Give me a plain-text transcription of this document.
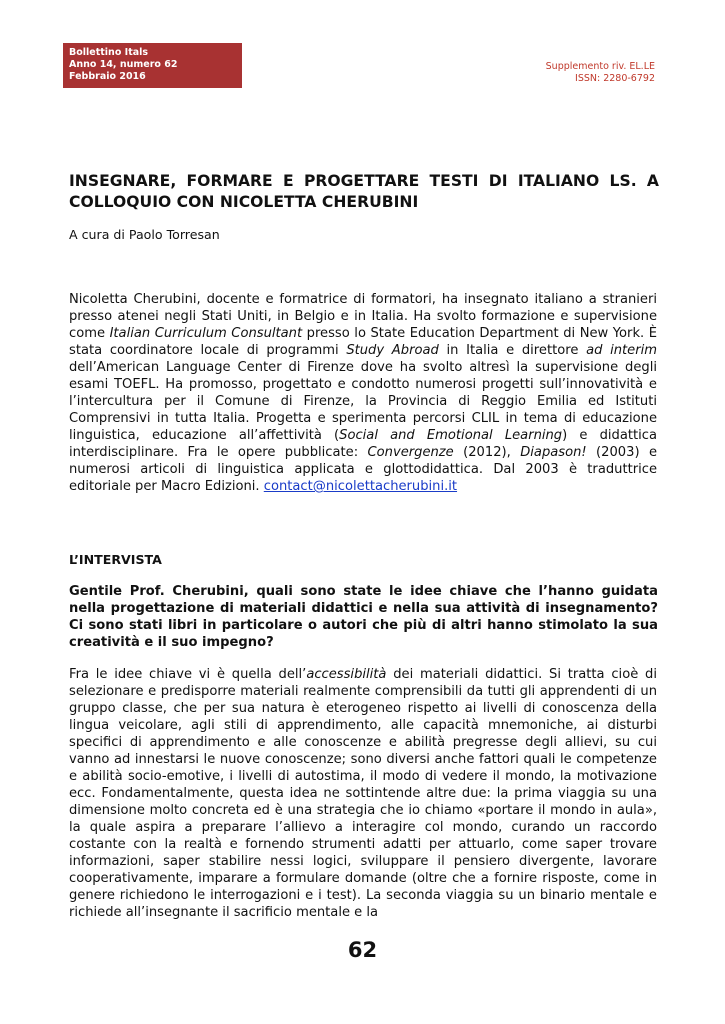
Bollettino Itals
Anno 14, numero 62
Febbraio 2016
Supplemento riv. EL.LE
ISSN: 2280-6792
INSEGNARE, FORMARE E PROGETTARE TESTI DI ITALIANO LS. A COLLOQUIO CON NICOLETTA CHERUBINI
A cura di Paolo Torresan

Nicoletta Cherubini, docente e formatrice di formatori, ha insegnato italiano a stranieri presso atenei negli Stati Uniti, in Belgio e in Italia. Ha svolto formazione e supervisione come Italian Curriculum Consultant presso lo State Education Department di New York. È stata coordinatore locale di programmi Study Abroad in Italia e direttore ad interim dell’American Language Center di Firenze dove ha svolto altresì la supervisione degli esami TOEFL. Ha promosso, progettato e condotto numerosi progetti sull’innovatività e l’intercultura per il Comune di Firenze, la Provincia di Reggio Emilia ed Istituti Comprensivi in tutta Italia. Progetta e sperimenta percorsi CLIL in tema di educazione linguistica, educazione all’affettività (Social and Emotional Learning) e didattica interdisciplinare. Fra le opere pubblicate: Convergenze (2012), Diapason! (2003) e numerosi articoli di linguistica applicata e glottodidattica. Dal 2003 è traduttrice editoriale per Macro Edizioni. contact@nicolettacherubini.it

L’INTERVISTA

Gentile Prof. Cherubini, quali sono state le idee chiave che l’hanno guidata nella progettazione di materiali didattici e nella sua attività di insegnamento? Ci sono stati libri in particolare o autori che più di altri hanno stimolato la sua creatività e il suo impegno?

Fra le idee chiave vi è quella dell’accessibilità dei materiali didattici. Si tratta cioè di selezionare e predisporre materiali realmente comprensibili da tutti gli apprendenti di un gruppo classe, che per sua natura è eterogeneo rispetto ai livelli di conoscenza della lingua veicolare, agli stili di apprendimento, alle capacità mnemoniche, ai disturbi specifici di apprendimento e alle conoscenze e abilità pregresse degli allievi, su cui vanno ad innestarsi le nuove conoscenze; sono diversi anche fattori quali le competenze e abilità socio-emotive, i livelli di autostima, il modo di vedere il mondo, la motivazione ecc. Fondamentalmente, questa idea ne sottintende altre due: la prima viaggia su una dimensione molto concreta ed è una strategia che io chiamo «portare il mondo in aula», la quale aspira a preparare l’allievo a interagire col mondo, curando un raccordo costante con la realtà e fornendo strumenti adatti per attuarlo, come saper trovare informazioni, saper stabilire nessi logici, sviluppare il pensiero divergente, lavorare cooperativamente, imparare a formulare domande (oltre che a fornire risposte, come in genere richiedono le interrogazioni e i test). La seconda viaggia su un binario mentale e richiede all’insegnante il sacrificio mentale e la

62
